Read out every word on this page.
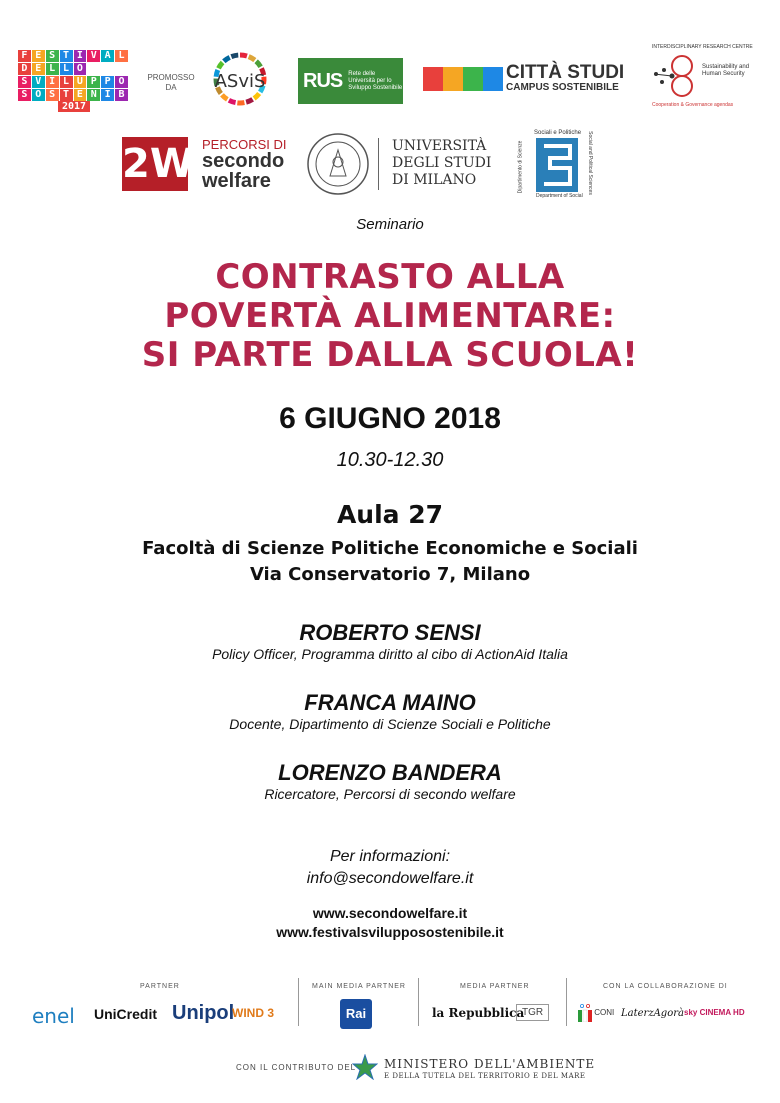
F E S T I V A L
D E L L O
S V I L U P P O
S O S T E N I B
2017
PROMOSSO
DA	ASviS RUS Rete delle Università per lo Sviluppo Sostenibile
CITTÀ STUDI
CAMPUS SOSTENIBILE
INTERDISCIPLINARY RESEARCH CENTRE
Sustainability and Human Security
Cooperation & Governance agendas
2W PERCORSI DI
secondo
welfare
UNIVERSITÀ
DEGLI STUDI
DI MILANO
Sociali e Politiche
Dipartimento di Scienze	Social and Political Sciences
Department of Social
Seminario
CONTRASTO ALLA
POVERTÀ ALIMENTARE:
SI PARTE DALLA SCUOLA!
6 GIUGNO 2018
10.30-12.30
Aula 27
Facoltà di Scienze Politiche Economiche e Sociali
Via Conservatorio 7, Milano
ROBERTO SENSI
Policy Officer, Programma diritto al cibo di ActionAid Italia
FRANCA MAINO
Docente, Dipartimento di Scienze Sociali e Politiche
LORENZO BANDERA
Ricercatore, Percorsi di secondo welfare
Per informazioni:
info@secondowelfare.it
www.secondowelfare.it
www.festivalsvilupposostenibile.it
PARTNER	MAIN MEDIA PARTNER	MEDIA PARTNER	CON LA COLLABORAZIONE DI
enel UniCredit Unipol
WIND 3	Rai	la Repubblica
TGR	CONI LaterzAgorà sky CINEMA HD
CON IL CONTRIBUTO DEL MINISTERO DELL'AMBIENTE
E DELLA TUTELA DEL TERRITORIO E DEL MARE
